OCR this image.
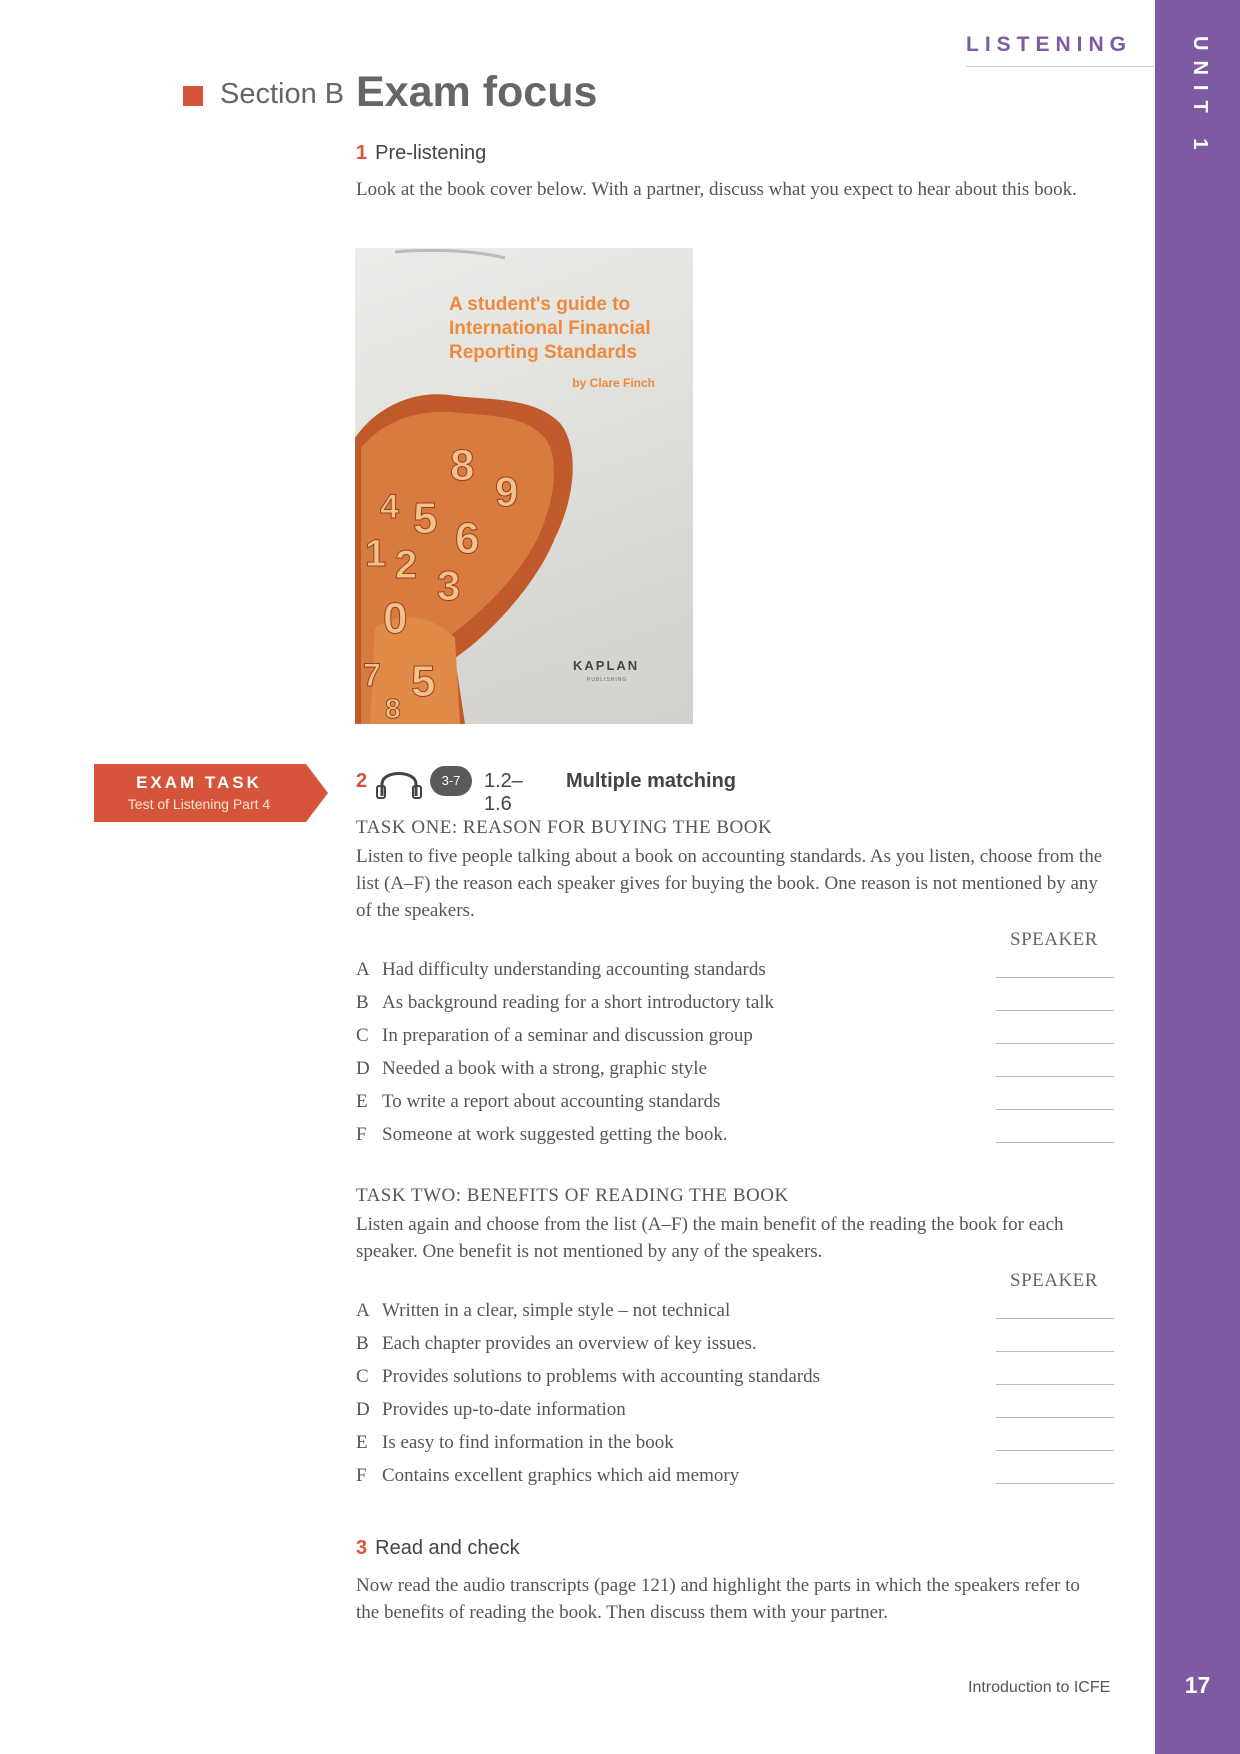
UNIT 1
17
LISTENING
Section B Exam focus
1 Pre-listening
Look at the book cover below. With a partner, discuss what you expect to hear about this book.
8
9
4 5 6
1 2 3
0
5
7
8
A student's guide to International Financial Reporting Standards
by Clare Finch
KAPLAN
PUBLISHING
EXAM TASK
Test of Listening Part 4
2	3-7	1.2–1.6
Multiple matching
TASK ONE: REASON FOR BUYING THE BOOK
Listen to five people talking about a book on accounting standards. As you listen, choose from the list (A–F) the reason each speaker gives for buying the book. One reason is not mentioned by any of the speakers.
SPEAKER
A Had difficulty understanding accounting standards
B As background reading for a short introductory talk
C In preparation of a seminar and discussion group
D Needed a book with a strong, graphic style
E To write a report about accounting standards
F Someone at work suggested getting the book.
TASK TWO: BENEFITS OF READING THE BOOK
Listen again and choose from the list (A–F) the main benefit of the reading the book for each speaker. One benefit is not mentioned by any of the speakers.
SPEAKER
A Written in a clear, simple style – not technical
B Each chapter provides an overview of key issues.
C Provides solutions to problems with accounting standards
D Provides up-to-date information
E Is easy to find information in the book
F Contains excellent graphics which aid memory
3 Read and check
Now read the audio transcripts (page 121) and highlight the parts in which the speakers refer to the benefits of reading the book. Then discuss them with your partner.
Introduction to ICFE
